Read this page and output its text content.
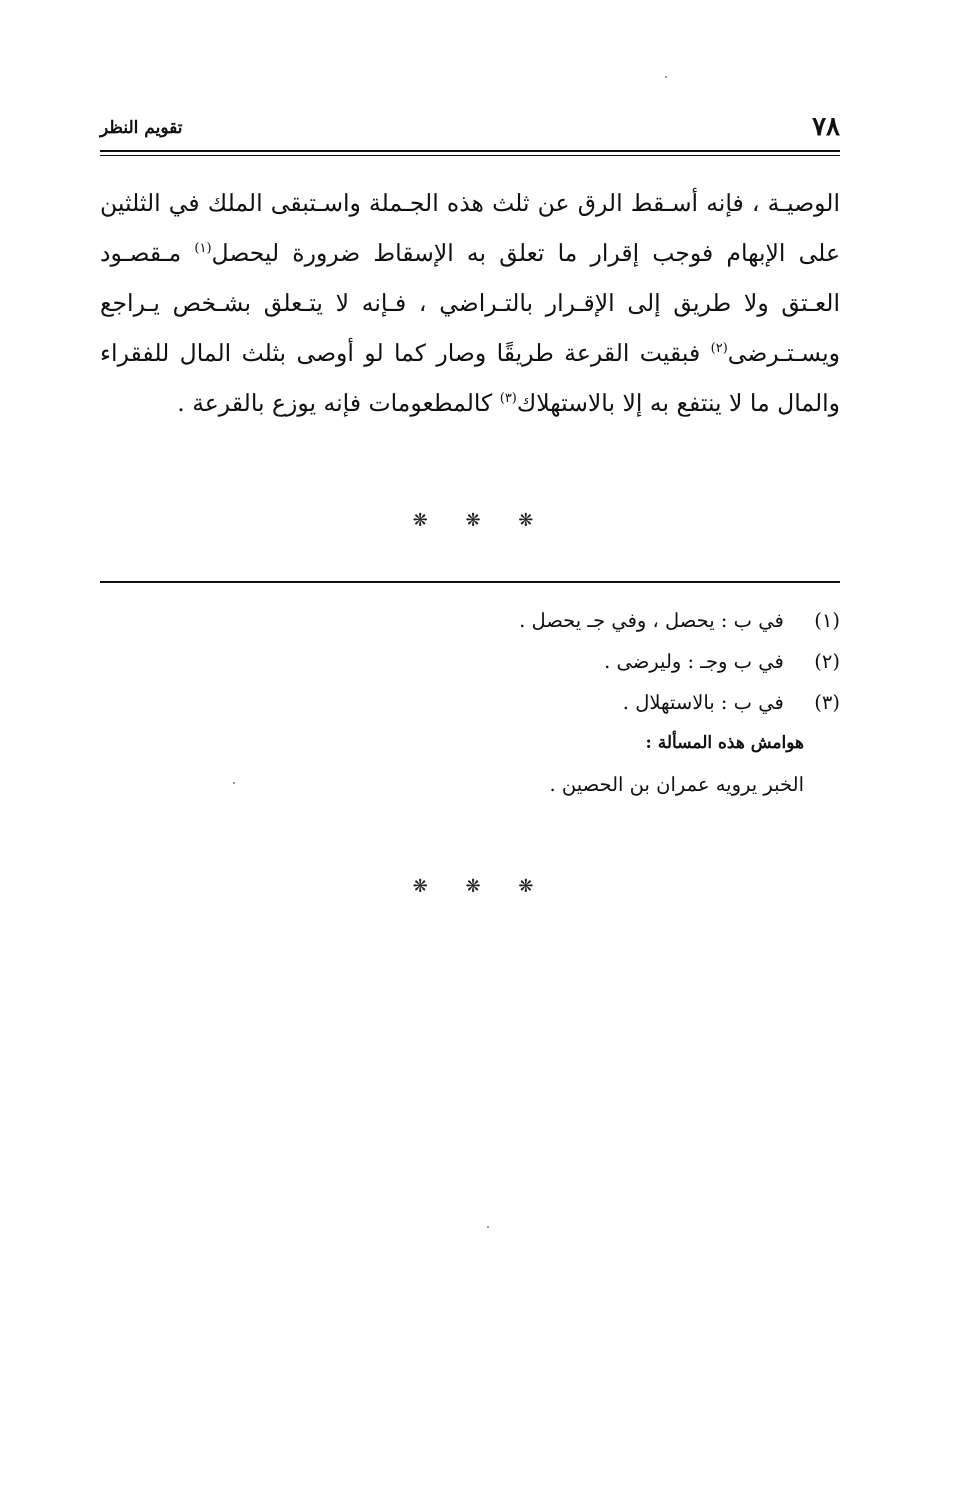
٧٨
تقويم النظر
الوصيـة ، فإنه أسـقط الرق عن ثلث هذه الجـملة واسـتبقى الملك في الثلثين
على الإبهام فوجب إقرار ما تعلق به الإسقاط ضرورة ليحصل$^{(١)}$ مـقصـود
العـتق ولا طريق إلى الإقـرار بالتـراضي ، فـإنه لا يتـعلق بشـخص يـراجع
ويسـتـرضى$^{(٢)}$ فبقيت القرعة طريقًا وصار كما لو أوصى بثلث المال للفقراء
والمال ما لا ينتفع به إلا بالاستهلاك$^{(٣)}$ كالمطعومات فإنه يوزع بالقرعة .
❋ ❋ ❋
(١) في ب : يحصل ، وفي جـ يحصل .
(٢) في ب وجـ : وليرضى .
(٣) في ب : بالاستهلال .
هوامش هذه المسألة :
الخبر يرويه عمران بن الحصين .
❋ ❋ ❋
